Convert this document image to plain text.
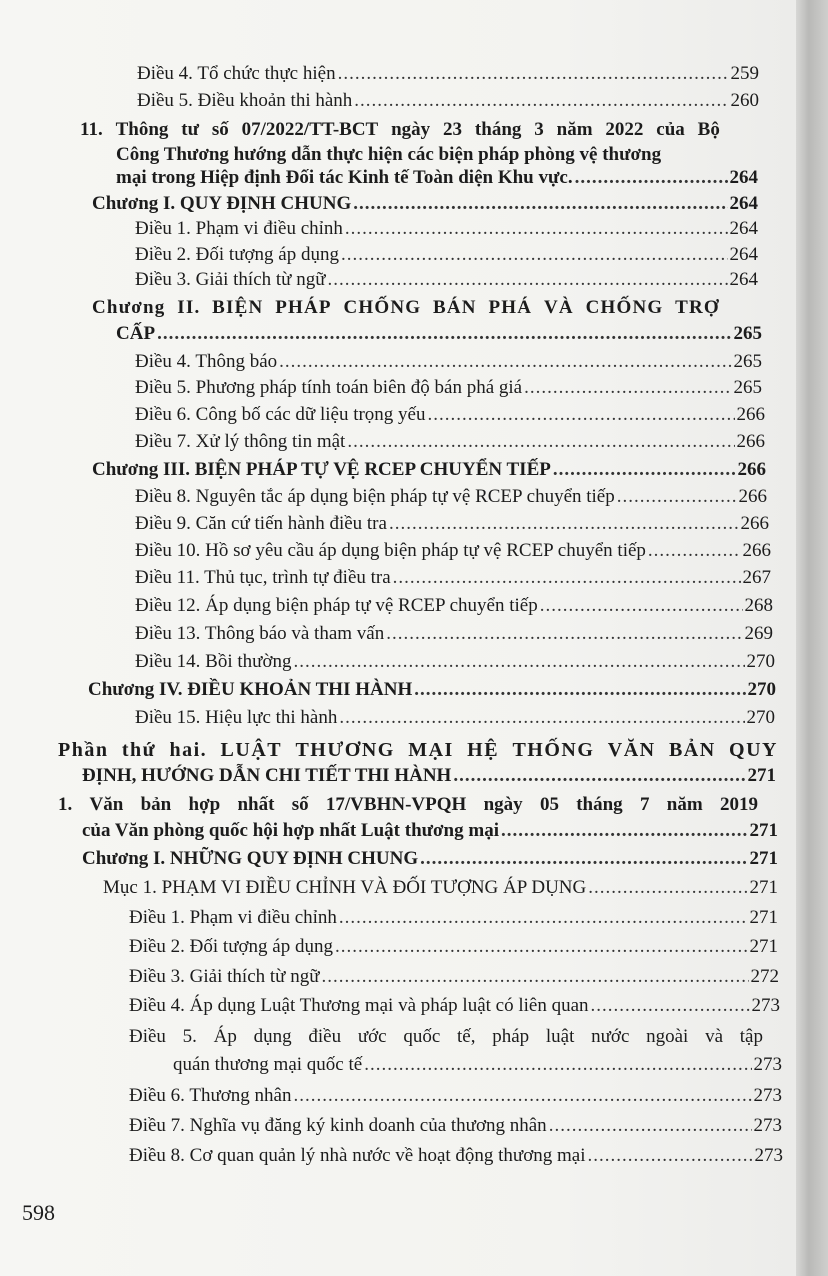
Điều 4. Tổ chức thực hiện .....	259
Điều 5. Điều khoản thi hành .....	260
11. Thông tư số 07/2022/TT-BCT ngày 23 tháng 3 năm 2022 của Bộ
Công Thương hướng dẫn thực hiện các biện pháp phòng vệ thương
mại trong Hiệp định Đối tác Kinh tế Toàn diện Khu vực. .....	264
Chương I. QUY ĐỊNH CHUNG .....	264
Điều 1. Phạm vi điều chỉnh .....	264
Điều 2. Đối tượng áp dụng .....	264
Điều 3. Giải thích từ ngữ .....	264
Chương II. BIỆN PHÁP CHỐNG BÁN PHÁ VÀ CHỐNG TRỢ
CẤP .....	265
Điều 4. Thông báo .....	265
Điều 5. Phương pháp tính toán biên độ bán phá giá .....	265
Điều 6. Công bố các dữ liệu trọng yếu .....	266
Điều 7. Xử lý thông tin mật .....	266
Chương III. BIỆN PHÁP TỰ VỆ RCEP CHUYỂN TIẾP .....	266
Điều 8. Nguyên tắc áp dụng biện pháp tự vệ RCEP chuyển tiếp .....	266
Điều 9. Căn cứ tiến hành điều tra .....	266
Điều 10. Hồ sơ yêu cầu áp dụng biện pháp tự vệ RCEP chuyển tiếp .....	266
Điều 11. Thủ tục, trình tự điều tra .....	267
Điều 12. Áp dụng biện pháp tự vệ RCEP chuyển tiếp .....	268
Điều 13. Thông báo và tham vấn .....	269
Điều 14. Bồi thường .....	270
Chương IV. ĐIỀU KHOẢN THI HÀNH .....	270
Điều 15. Hiệu lực thi hành .....	270
Phần thứ hai. LUẬT THƯƠNG MẠI HỆ THỐNG VĂN BẢN QUY
ĐỊNH, HƯỚNG DẪN CHI TIẾT THI HÀNH .....	271
1. Văn bản hợp nhất số 17/VBHN-VPQH ngày 05 tháng 7 năm 2019
của Văn phòng quốc hội hợp nhất Luật thương mại .....	271
Chương I. NHỮNG QUY ĐỊNH CHUNG .....	271
Mục 1. PHẠM VI ĐIỀU CHỈNH VÀ ĐỐI TƯỢNG ÁP DỤNG .....	271
Điều 1. Phạm vi điều chỉnh .....	271
Điều 2. Đối tượng áp dụng .....	271
Điều 3. Giải thích từ ngữ .....	272
Điều 4. Áp dụng Luật Thương mại và pháp luật có liên quan .....	273
Điều 5. Áp dụng điều ước quốc tế, pháp luật nước ngoài và tập
quán thương mại quốc tế .....	273
Điều 6. Thương nhân .....	273
Điều 7. Nghĩa vụ đăng ký kinh doanh của thương nhân .....	273
Điều 8. Cơ quan quản lý nhà nước về hoạt động thương mại .....	273
598
